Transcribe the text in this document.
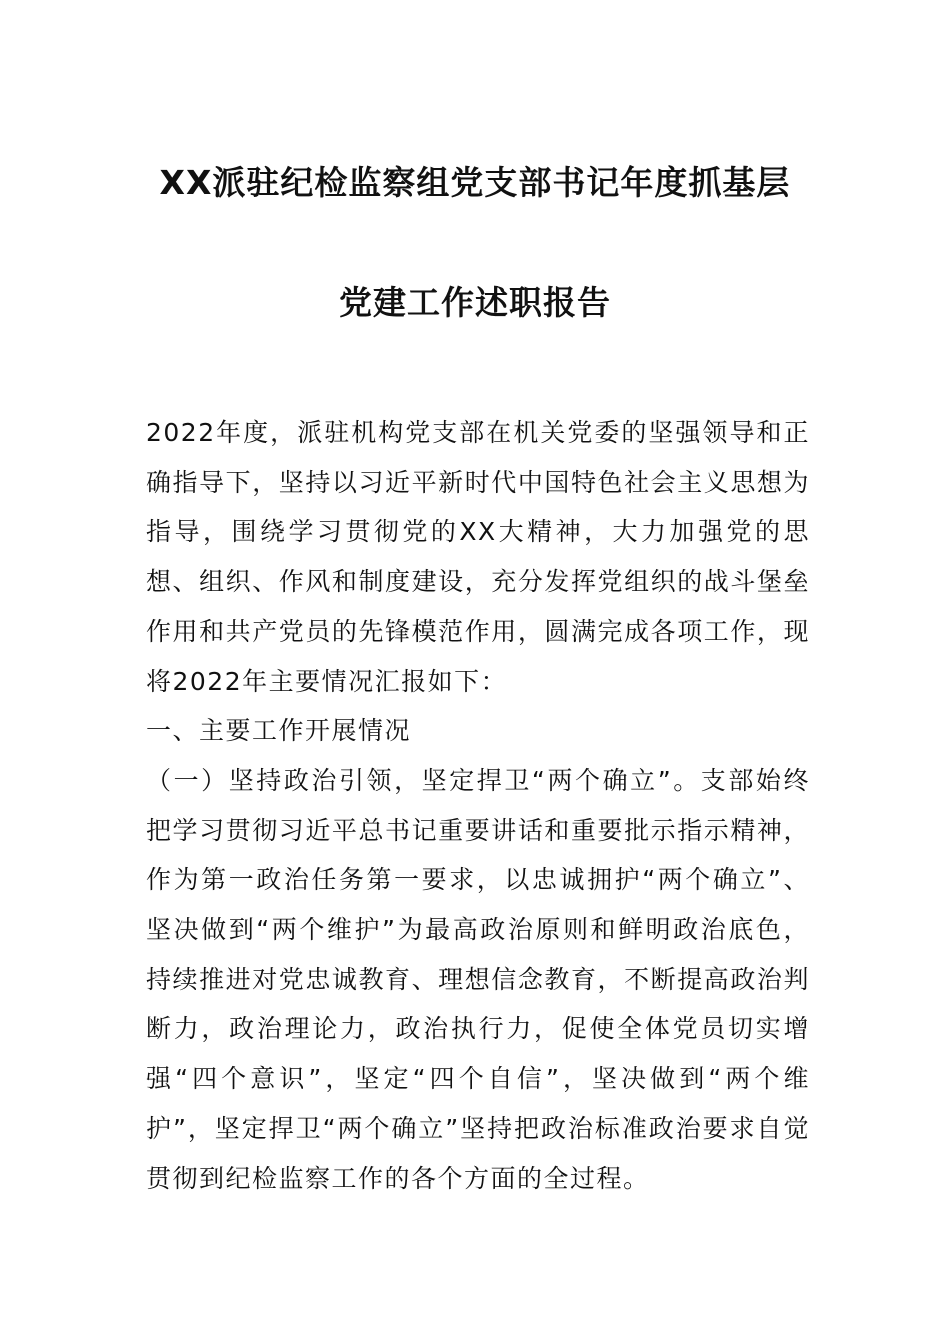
XX派驻纪检监察组党支部书记年度抓基层
党建工作述职报告

2022年度，派驻机构党支部在机关党委的坚强领导和正确指导下，坚持以习近平新时代中国特色社会主义思想为指导，围绕学习贯彻党的XX大精神，大力加强党的思想、组织、作风和制度建设，充分发挥党组织的战斗堡垒作用和共产党员的先锋模范作用，圆满完成各项工作，现将2022年主要情况汇报如下：

一、主要工作开展情况

（一）坚持政治引领，坚定捍卫“两个确立”。支部始终把学习贯彻习近平总书记重要讲话和重要批示指示精神，作为第一政治任务第一要求，以忠诚拥护“两个确立”、坚决做到“两个维护”为最高政治原则和鲜明政治底色，持续推进对党忠诚教育、理想信念教育，不断提高政治判断力，政治理论力，政治执行力，促使全体党员切实增强“四个意识”，坚定“四个自信”，坚决做到“两个维护”，坚定捍卫“两个确立”坚持把政治标准政治要求自觉贯彻到纪检监察工作的各个方面的全过程。
